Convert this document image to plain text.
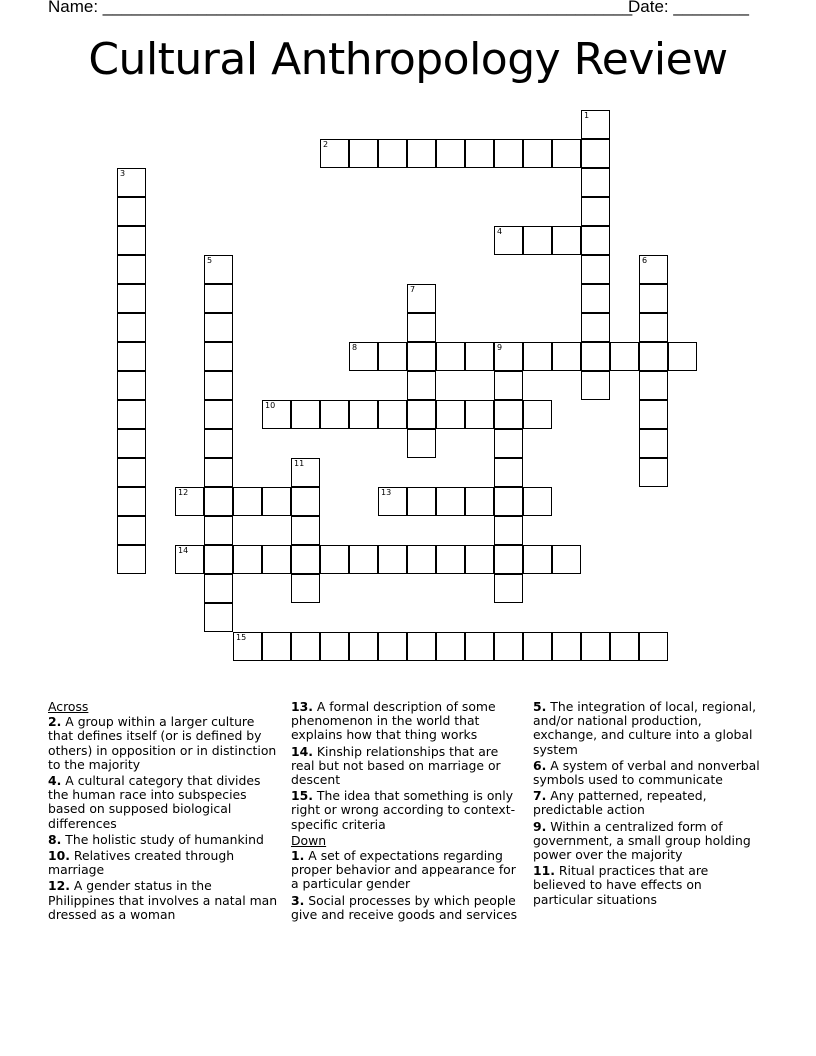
Name: ________________________________________________________
Date: ________
Cultural Anthropology Review
1
2
3
4
5	6
7
8	9
10
11
12	13
14
15
Across
2. A group within a larger culture that defines itself (or is defined by others) in opposition or in distinction to the majority
4. A cultural category that divides the human race into subspecies based on supposed biological differences
8. The holistic study of humankind
10. Relatives created through marriage
12. A gender status in the Philippines that involves a natal man dressed as a woman
13. A formal description of some phenomenon in the world that explains how that thing works
14. Kinship relationships that are real but not based on marriage or descent
15. The idea that something is only right or wrong according to context-specific criteria
Down
1. A set of expectations regarding proper behavior and appearance for a particular gender
3. Social processes by which people give and receive goods and services
5. The integration of local, regional, and/or national production, exchange, and culture into a global system
6. A system of verbal and nonverbal symbols used to communicate
7. Any patterned, repeated, predictable action
9. Within a centralized form of government, a small group holding power over the majority
11. Ritual practices that are believed to have effects on particular situations
